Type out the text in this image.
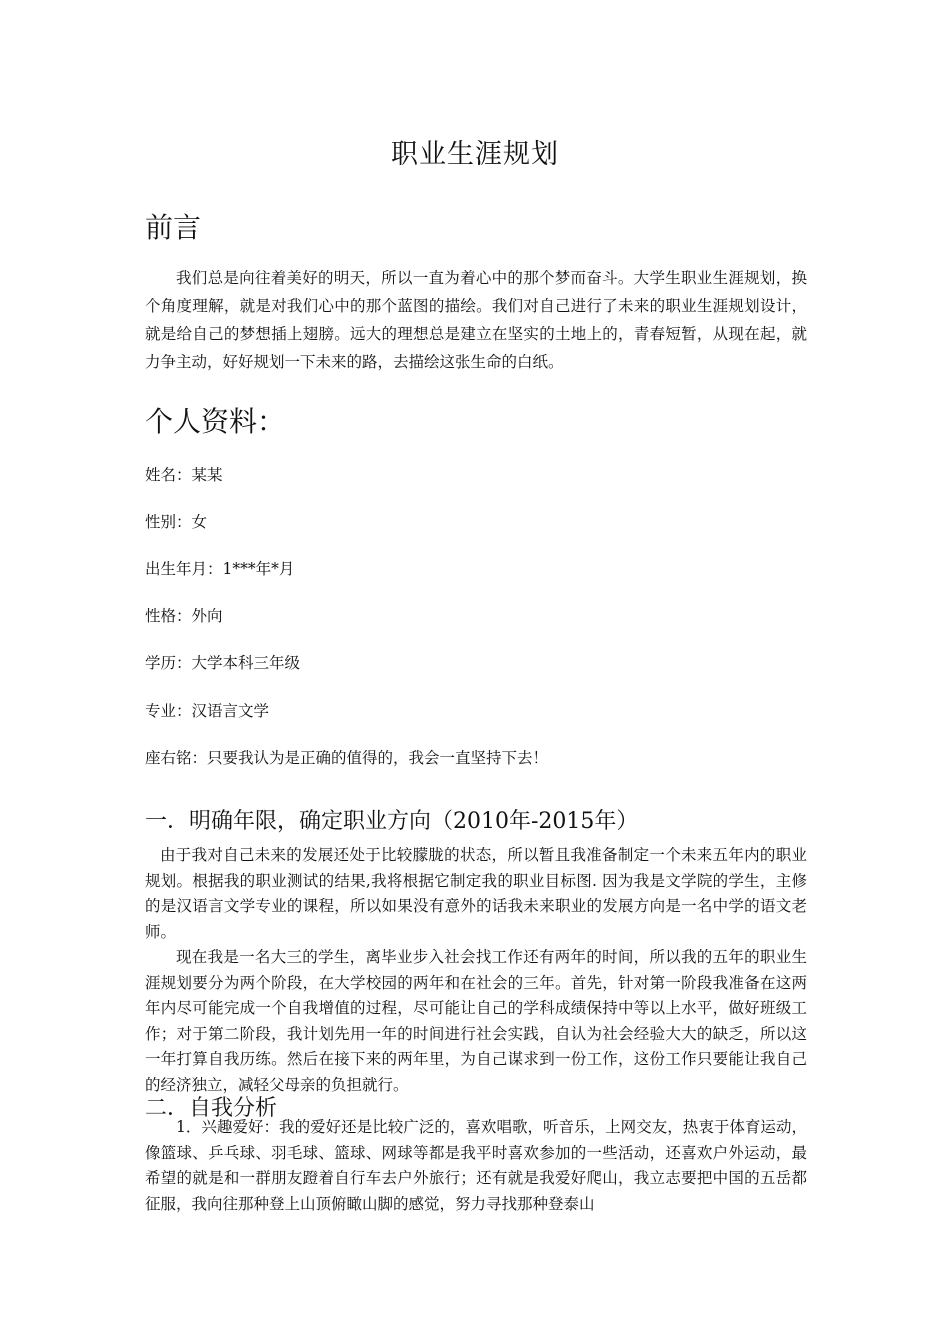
职业生涯规划
前言
我们总是向往着美好的明天，所以一直为着心中的那个梦而奋斗。大学生职业生涯规划，换个角度理解，就是对我们心中的那个蓝图的描绘。我们对自己进行了未来的职业生涯规划设计，就是给自己的梦想插上翅膀。远大的理想总是建立在坚实的土地上的，青春短暂，从现在起，就力争主动，好好规划一下未来的路，去描绘这张生命的白纸。
个人资料：
姓名：某某
性别：女
出生年月：1***年*月
性格：外向
学历：大学本科三年级
专业：汉语言文学
座右铭：只要我认为是正确的值得的，我会一直坚持下去！
一．明确年限，确定职业方向（2010年-2015年）
由于我对自己未来的发展还处于比较朦胧的状态，所以暂且我准备制定一个未来五年内的职业规划。根据我的职业测试的结果,我将根据它制定我的职业目标图. 因为我是文学院的学生，主修的是汉语言文学专业的课程，所以如果没有意外的话我未来职业的发展方向是一名中学的语文老师。
现在我是一名大三的学生，离毕业步入社会找工作还有两年的时间，所以我的五年的职业生涯规划要分为两个阶段，在大学校园的两年和在社会的三年。首先，针对第一阶段我准备在这两年内尽可能完成一个自我增值的过程，尽可能让自己的学科成绩保持中等以上水平，做好班级工作；对于第二阶段，我计划先用一年的时间进行社会实践，自认为社会经验大大的缺乏，所以这一年打算自我历练。然后在接下来的两年里，为自己谋求到一份工作，这份工作只要能让我自己的经济独立，减轻父母亲的负担就行。
二．自我分析
1．兴趣爱好：我的爱好还是比较广泛的，喜欢唱歌，听音乐，上网交友，热衷于体育运动，像篮球、乒乓球、羽毛球、篮球、网球等都是我平时喜欢参加的一些活动，还喜欢户外运动，最希望的就是和一群朋友蹬着自行车去户外旅行；还有就是我爱好爬山，我立志要把中国的五岳都征服，我向往那种登上山顶俯瞰山脚的感觉，努力寻找那种登泰山
